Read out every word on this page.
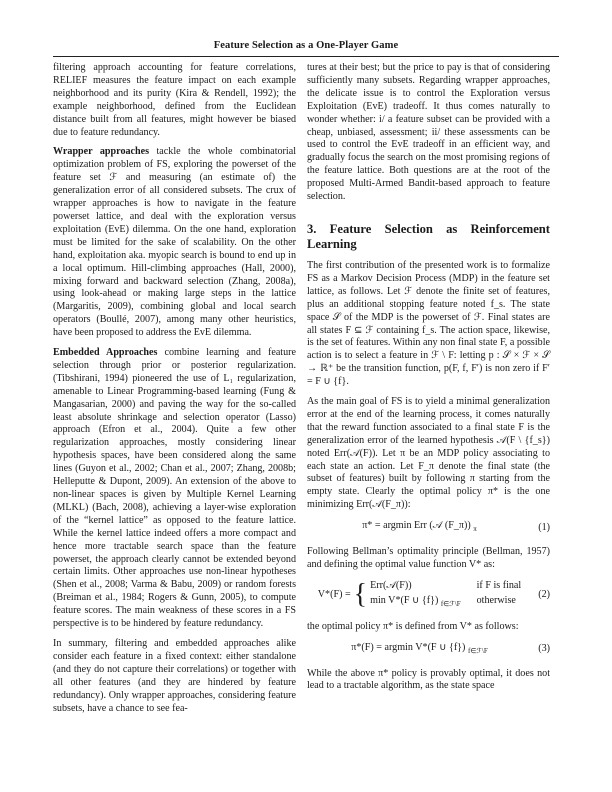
Feature Selection as a One-Player Game

filtering approach accounting for feature correlations, RELIEF measures the feature impact on each example neighborhood and its purity (Kira & Rendell, 1992); the example neighborhood, defined from the Euclidean distance built from all features, might however be biased due to feature redundancy.

Wrapper approaches tackle the whole combinatorial optimization problem of FS, exploring the powerset of the feature set ℱ and measuring (an estimate of) the generalization error of all considered subsets. The crux of wrapper approaches is how to navigate in the feature powerset lattice, and deal with the exploration versus exploitation (EvE) dilemma. On the one hand, exploration must be limited for the sake of scalability. On the other hand, exploitation aka. myopic search is bound to end up in a local optimum. Hill-climbing approaches (Hall, 2000), mixing forward and backward selection (Zhang, 2008a), using look-ahead or making large steps in the lattice (Margaritis, 2009), combining global and local search operators (Boullé, 2007), among many other heuristics, have been proposed to address the EvE dilemma.

Embedded Approaches combine learning and feature selection through prior or posterior regularization. (Tibshirani, 1994) pioneered the use of L₁ regularization, amenable to Linear Programming-based learning (Fung & Mangasarian, 2000) and paving the way for the so-called least absolute shrinkage and selection operator (Lasso) approach (Efron et al., 2004). Quite a few other regularization approaches, mostly considering linear hypothesis spaces, have been considered along the same lines (Guyon et al., 2002; Chan et al., 2007; Zhang, 2008b; Helleputte & Dupont, 2009). An extension of the above to non-linear spaces is given by Multiple Kernel Learning (MLKL) (Bach, 2008), achieving a layer-wise exploration of the “kernel lattice” as opposed to the feature lattice. While the kernel lattice indeed offers a more compact and hence more tractable search space than the feature powerset, the approach clearly cannot be extended beyond certain limits. Other approaches use non-linear hypotheses (Shen et al., 2008; Varma & Babu, 2009) or random forests (Breiman et al., 1984; Rogers & Gunn, 2005), to compute feature scores. The main weakness of these scores in a FS perspective is to be hindered by feature redundancy.

In summary, filtering and embedded approaches alike consider each feature in a fixed context: either standalone (and they do not capture their correlations) or together with all other features (and they are hindered by feature redundancy). Only wrapper approaches, considering feature subsets, have a chance to see fea-

tures at their best; but the price to pay is that of considering sufficiently many subsets. Regarding wrapper approaches, the delicate issue is to control the Exploration versus Exploitation (EvE) tradeoff. It thus comes naturally to wonder whether: i/ a feature subset can be provided with a cheap, unbiased, assessment; ii/ these assessments can be used to control the EvE tradeoff in an efficient way, and gradually focus the search on the most promising regions of the feature lattice. Both questions are at the root of the proposed Multi-Armed Bandit-based approach to feature selection.

3. Feature Selection as Reinforcement Learning

The first contribution of the presented work is to formalize FS as a Markov Decision Process (MDP) in the feature set lattice, as follows. Let ℱ denote the finite set of features, plus an additional stopping feature noted f_s. The state space 𝒮 of the MDP is the powerset of ℱ. Final states are all states F ⊆ ℱ containing f_s. The action space, likewise, is the set of features. Within any non final state F, a possible action is to select a feature in ℱ \ F: letting p : 𝒮 × ℱ × 𝒮 → ℝ⁺ be the transition function, p(F, f, F′) is non zero if F′ = F ∪ {f}.

As the main goal of FS is to yield a minimal generalization error at the end of the learning process, it comes naturally that the reward function associated to a final state F is the generalization error of the learned hypothesis 𝒜(F \ {f_s}) noted Err(𝒜(F)). Let π be an MDP policy associating to each state an action. Let F_π denote the final state (the subset of features) built by following π starting from the empty state. Clearly the optimal policy π* is the one minimizing Err(𝒜(F_π)):

π* = argmin Err (𝒜 (F_π)) $_\pi$	(1)

Following Bellman’s optimality principle (Bellman, 1957) and defining the optimal value function V* as:

V*(F) = { Err(𝒜(F))	if F is final
min V*(F ∪ {f}) $_{f\in ℱ\backslash F}$ otherwise
(2)

the optimal policy π* is defined from V* as follows:

π*(F) = argmin V*(F ∪ {f}) $_{f\in ℱ\backslash F}$	(3)

While the above π* policy is provably optimal, it does not lead to a tractable algorithm, as the state space
